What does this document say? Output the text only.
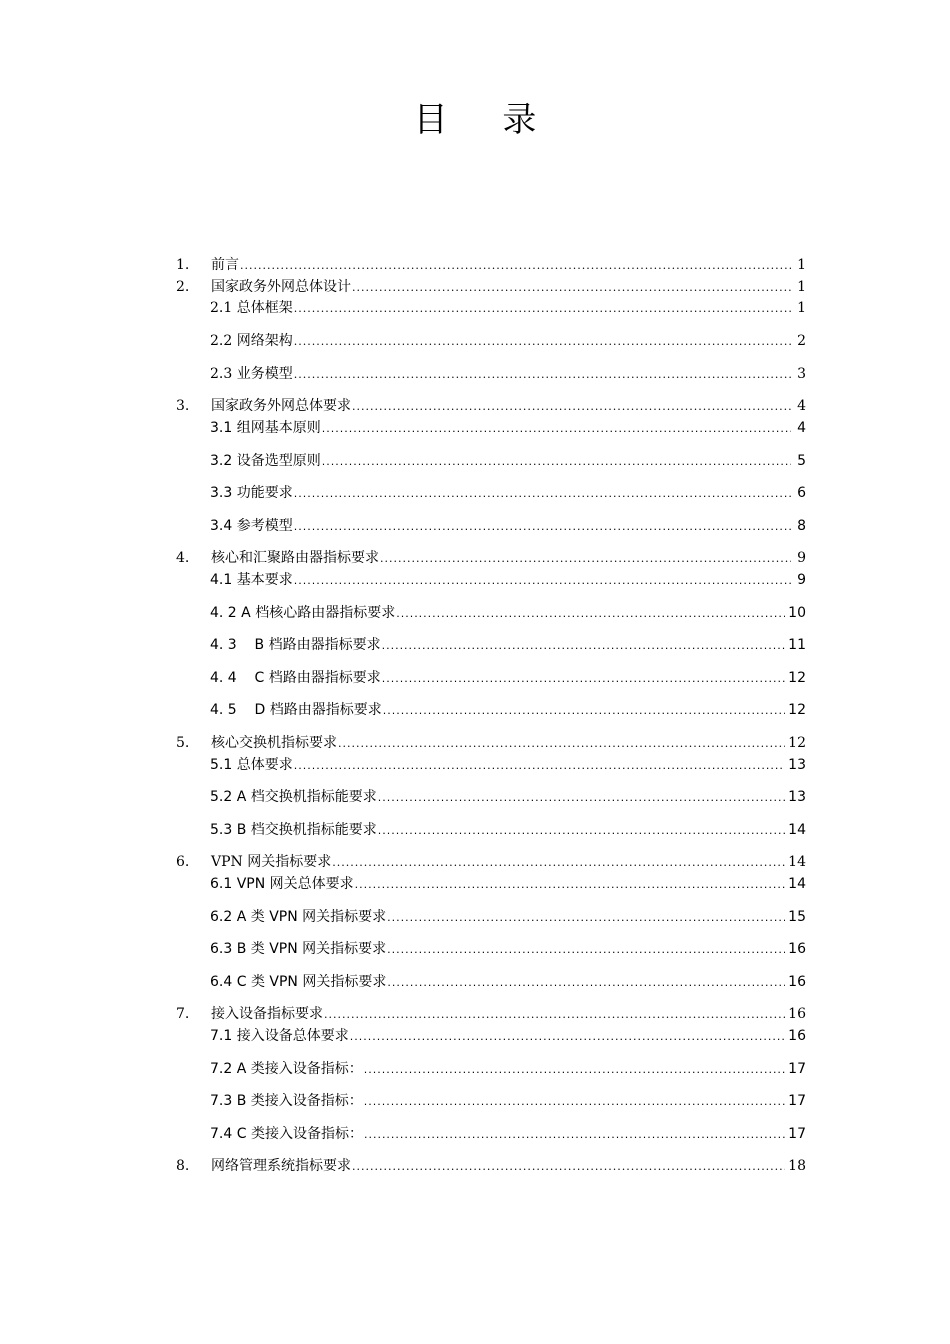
目 录
1.	前言 .....	1
2.	国家政务外网总体设计 .....	1
2.1 总体框架 .....	1
2.2 网络架构 .....	2
2.3 业务模型 .....	3
3.	国家政务外网总体要求 .....	4
3.1 组网基本原则 .....	4
3.2 设备选型原则 .....	5
3.3 功能要求 .....	6
3.4 参考模型 .....	8
4.	核心和汇聚路由器指标要求 .....	9
4.1 基本要求 .....	9
4. 2 A 档核心路由器指标要求 .....	10
4. 3    B 档路由器指标要求 .....	11
4. 4    C 档路由器指标要求 .....	12
4. 5    D 档路由器指标要求 .....	12
5.	核心交换机指标要求 .....	12
5.1 总体要求 .....	13
5.2 A 档交换机指标能要求 .....	13
5.3 B 档交换机指标能要求 .....	14
6.	VPN 网关指标要求 .....	14
6.1 VPN 网关总体要求 .....	14
6.2 A 类 VPN 网关指标要求 .....	15
6.3 B 类 VPN 网关指标要求 .....	16
6.4 C 类 VPN 网关指标要求 .....	16
7.	接入设备指标要求 .....	16
7.1 接入设备总体要求 .....	16
7.2 A 类接入设备指标： .....	17
7.3 B 类接入设备指标： .....	17
7.4 C 类接入设备指标： .....	17
8.	网络管理系统指标要求 .....	18
